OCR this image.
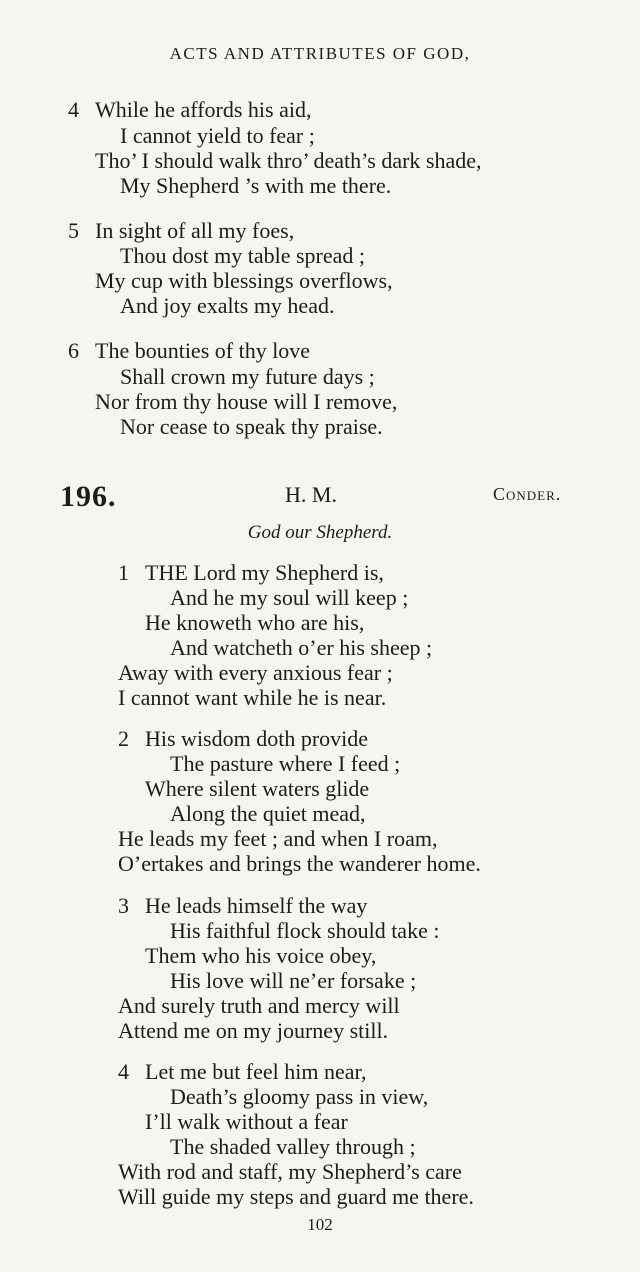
ACTS AND ATTRIBUTES OF GOD,
4 While he affords his aid,
I cannot yield to fear ;
Tho’ I should walk thro’ death’s dark shade,
My Shepherd ’s with me there.
5 In sight of all my foes,
Thou dost my table spread ;
My cup with blessings overflows,
And joy exalts my head.
6 The bounties of thy love
Shall crown my future days ;
Nor from thy house will I remove,
Nor cease to speak thy praise.
196.	H. M.	Conder.
God our Shepherd.
1 THE Lord my Shepherd is,
And he my soul will keep ;
He knoweth who are his,
And watcheth o’er his sheep ;
Away with every anxious fear ;
I cannot want while he is near.
2 His wisdom doth provide
The pasture where I feed ;
Where silent waters glide
Along the quiet mead,
He leads my feet ; and when I roam,
O’ertakes and brings the wanderer home.
3 He leads himself the way
His faithful flock should take :
Them who his voice obey,
His love will ne’er forsake ;
And surely truth and mercy will
Attend me on my journey still.
4 Let me but feel him near,
Death’s gloomy pass in view,
I’ll walk without a fear
The shaded valley through ;
With rod and staff, my Shepherd’s care
Will guide my steps and guard me there.
102
